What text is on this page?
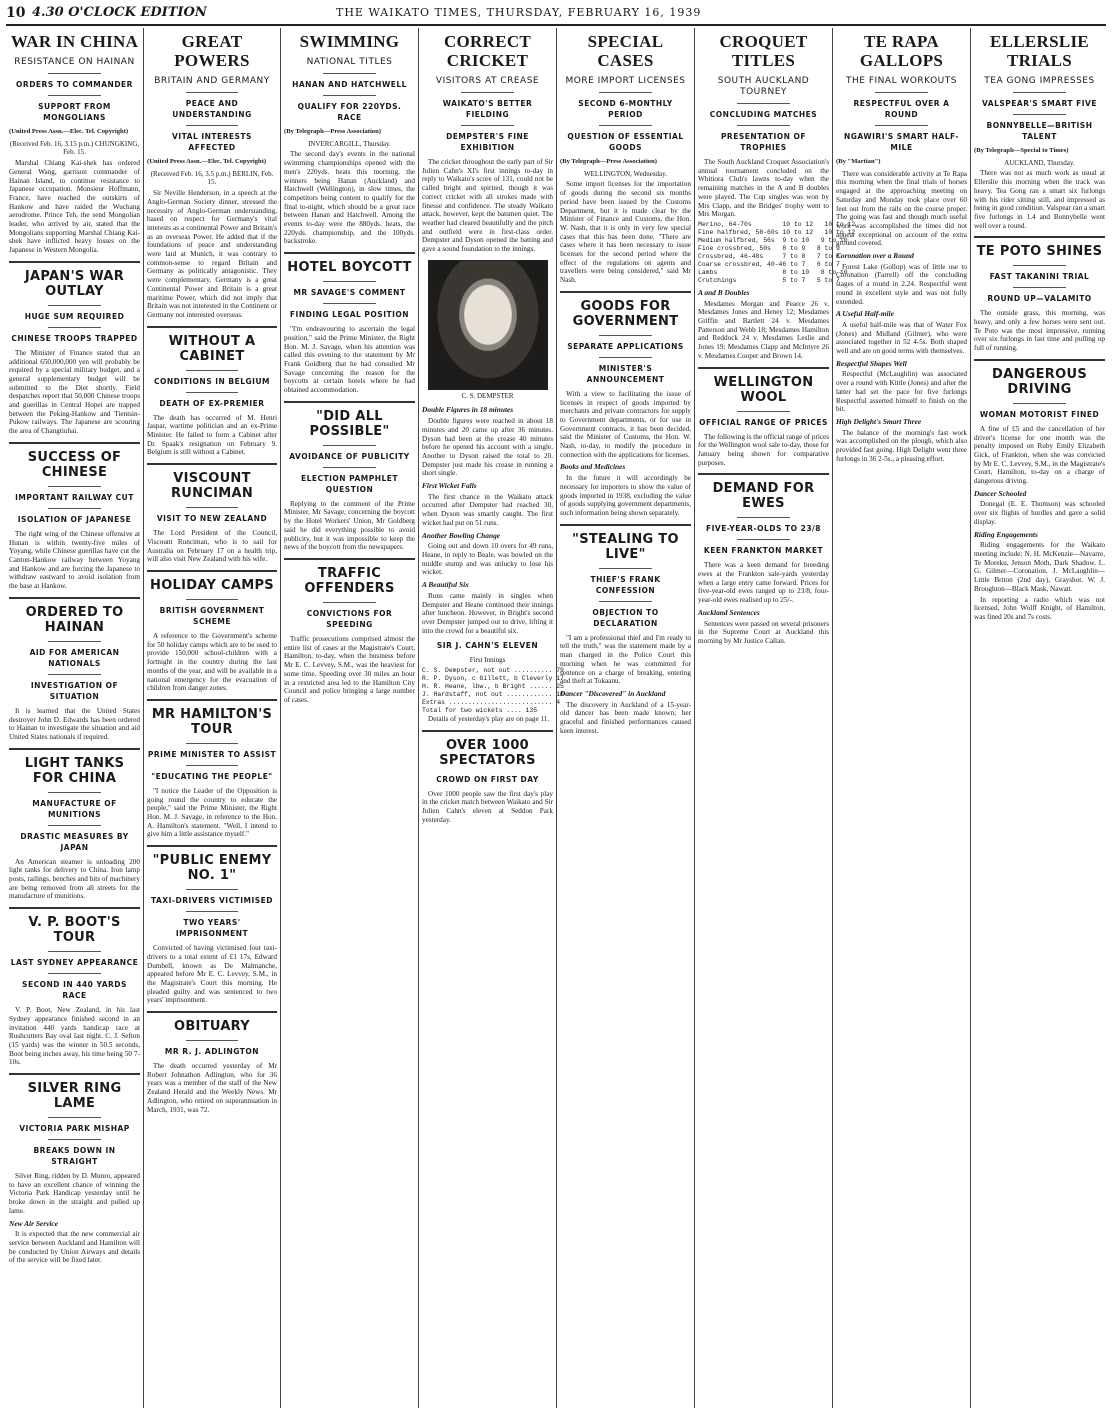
10 4.30 O'CLOCK EDITION	THE WAIKATO TIMES, THURSDAY, FEBRUARY 16, 1939
WAR IN CHINA
RESISTANCE ON HAINAN
ORDERS TO COMMANDER
SUPPORT FROM MONGOLIANS
(United Press Assn.—Elec. Tel. Copyright)
(Received Feb. 16, 3.15 p.m.) CHUNGKING, Feb. 15.

Marshal Chiang Kai-shek has ordered General Wang, garrison commander of Hainan Island, to continue resistance to Japanese occupation. Monsieur Hoffmann, France, have reached the outskirts of Hankow and have raided the Wuchang aerodrome. Prince Teh, the send Mongolian leader, who arrived by air, stated that the Mongolians supporting Marshal Chiang Kai-shek have inflicted heavy losses on the Japanese in Western Mongolia.

JAPAN'S WAR OUTLAY
HUGE SUM REQUIRED
CHINESE TROOPS TRAPPED

The Minister of Finance stated that an additional 650,000,000 yen will probably be required by a special military budget, and a general supplementary budget will be submitted to the Diet shortly. Field despatches report that 50,000 Chinese troops and guerillas in Central Hopei are trapped between the Peking-Hankow and Tientsin-Pukow railways. The Japanese are scouring the area of Changtiuhai.

SUCCESS OF CHINESE
IMPORTANT RAILWAY CUT
ISOLATION OF JAPANESE

The right wing of the Chinese offensive at Hunan is within twenty-five miles of Yoyang, while Chinese guerillas have cut the Canton-Hankow railway between Yoyang and Hankow and are forcing the Japanese to withdraw eastward to avoid isolation from the base at Hankow.

ORDERED TO HAINAN
AID FOR AMERICAN NATIONALS
INVESTIGATION OF SITUATION

It is learned that the United States destroyer John D. Edwards has been ordered to Hainan to investigate the situation and aid United States nationals if required.

LIGHT TANKS FOR CHINA
MANUFACTURE OF MUNITIONS
DRASTIC MEASURES BY JAPAN

An American steamer is unloading 200 light tanks for delivery to China. Iron lamp posts, railings, benches and bits of machinery are being removed from all streets for the manufacture of munitions.

V. P. BOOT'S TOUR
LAST SYDNEY APPEARANCE
SECOND IN 440 YARDS RACE

V. P. Boot, New Zealand, in his last Sydney appearance finished second in an invitation 440 yards handicap race at Rushcutters Bay oval last night. C. J. Sefton (15 yards) was the winner in 50.5 seconds, Boot being inches away, his time being 50 7-10s.

SILVER RING LAME
VICTORIA PARK MISHAP
BREAKS DOWN IN STRAIGHT

Silver Ring, ridden by D. Munro, appeared to have an excellent chance of winning the Victoria Park Handicap yesterday until he broke down in the straight and pulled up lame.

New Air Service

It is expected that the new commercial air service between Auckland and Hamilton will be conducted by Union Airways and details of the service will be fixed later.

GREAT POWERS
BRITAIN AND GERMANY
PEACE AND UNDERSTANDING
VITAL INTERESTS AFFECTED
(United Press Assn.—Elec. Tel. Copyright)
(Received Feb. 16, 3.5 p.m.) BERLIN, Feb. 15.

Sir Neville Henderson, in a speech at the Anglo-German Society dinner, stressed the necessity of Anglo-German understanding, based on respect for Germany's vital interests as a continental Power and Britain's as an overseas Power. He added that if the foundations of peace and understanding were laid at Munich, it was contrary to common-sense to regard Britain and Germany as politically antagonistic. They were complementary. Germany is a great Continental Power and Britain is a great maritime Power, which did not imply that Britain was not interested in the Continent or Germany not interested overseas.

WITHOUT A CABINET
CONDITIONS IN BELGIUM
DEATH OF EX-PREMIER

The death has occurred of M. Henri Jaspar, wartime politician and an ex-Prime Minister. He failed to form a Cabinet after Dr. Spaak's resignation on February 9. Belgium is still without a Cabinet.

VISCOUNT RUNCIMAN
VISIT TO NEW ZEALAND

The Lord President of the Council, Viscount Runciman, who is to sail for Australia on February 17 on a health trip, will also visit New Zealand with his wife.

HOLIDAY CAMPS
BRITISH GOVERNMENT SCHEME

A reference to the Government's scheme for 50 holiday camps which are to be used to provide 150,000 school-children with a fortnight in the country during the last months of the year, and will be available in a national emergency for the evacuation of children from danger zones.

MR HAMILTON'S TOUR
PRIME MINISTER TO ASSIST
"EDUCATING THE PEOPLE"

"I notice the Leader of the Opposition is going round the country to educate the people," said the Prime Minister, the Right Hon. M. J. Savage, in reference to the Hon. A. Hamilton's statement. "Well, I intend to give him a little assistance myself."

"PUBLIC ENEMY NO. 1"
TAXI-DRIVERS VICTIMISED
TWO YEARS' IMPRISONMENT

Convicted of having victimised four taxi-drivers to a total extent of £1 17s, Edward Dumbell, known as De Malmanche, appeared before Mr E. C. Levvey, S.M., in the Magistrate's Court this morning. He pleaded guilty and was sentenced to two years' imprisonment.

OBITUARY
MR R. J. ADLINGTON

The death occurred yesterday of Mr Robert Johnathon Adlington, who for 36 years was a member of the staff of the New Zealand Herald and the Weekly News. Mr Adlington, who retired on superannuation in March, 1931, was 72.

SWIMMING
NATIONAL TITLES
HANAN AND HATCHWELL
QUALIFY FOR 220YDS. RACE
(By Telegraph—Press Association)
INVERCARGILL, Thursday.

The second day's events in the national swimming championships opened with the men's 220yds. heats this morning, the winners being Hanan (Auckland) and Hatchwell (Wellington), in slow times, the competitors being content to qualify for the final to-night, which should be a great race between Hanan and Hatchwell. Among the events to-day were the 880yds. heats, the 220yds. championship, and the 100yds. backstroke.

HOTEL BOYCOTT
MR SAVAGE'S COMMENT
FINDING LEGAL POSITION

"I'm endeavouring to ascertain the legal position," said the Prime Minister, the Right Hon. M. J. Savage, when his attention was called this evening to the statement by Mr Frank Goldberg that he had consulted Mr Savage concerning the reason for the boycotts at certain hotels where he had obtained accommodation.

"DID ALL POSSIBLE"
AVOIDANCE OF PUBLICITY
ELECTION PAMPHLET QUESTION

Replying to the comment of the Prime Minister, Mr Savage, concerning the boycott by the Hotel Workers' Union, Mr Goldberg said he did everything possible to avoid publicity, but it was impossible to keep the news of the boycott from the newspapers.

TRAFFIC OFFENDERS
CONVICTIONS FOR SPEEDING

Traffic prosecutions comprised almost the entire list of cases at the Magistrate's Court, Hamilton, to-day, when the business before Mr E. C. Levvey, S.M., was the heaviest for some time. Speeding over 30 miles an hour in a restricted area led to the Hamilton City Council and police bringing a large number of cases.

CORRECT CRICKET
VISITORS AT CREASE
WAIKATO'S BETTER FIELDING
DEMPSTER'S FINE EXHIBITION

The cricket throughout the early part of Sir Julien Cahn's XI's first innings to-day in reply to Waikato's score of 131, could not be called bright and spirited, though it was correct cricket with all strokes made with finesse and confidence. The steady Waikato attack, however, kept the batsmen quiet. The weather had cleared beautifully and the pitch and outfield were in first-class order. Dempster and Dyson opened the batting and gave a sound foundation to the innings.

C. S. DEMPSTER

Double Figures in 18 minutes

Double figures were reached in about 18 minutes and 20 came up after 36 minutes. Dyson had been at the crease 40 minutes before he opened his account with a single. Another to Dyson raised the total to 20. Dempster just made his crease in running a short single.

First Wicket Falls

The first chance in the Waikato attack occurred after Dempster had reached 30, when Dyson was smartly caught. The first wicket had put on 51 runs.

Another Bowling Change

Going out and down 10 overs for 49 runs, Heane, in reply to Beale, was bowled on the middle stump and was unlucky to lose his wicket.

A Beautiful Six

Runs came mainly in singles when Dempster and Heane continued their innings after luncheon. However, in Bright's second over Dempster jumped out to drive, lifting it into the crowd for a beautiful six.

SIR J. CAHN'S ELEVEN
First Innings
C. S. Dempster, not out .......... 79
R. P. Dyson, c Gillett, b Cleverly 17
H. R. Heane, lbw., b Bright ...... 25
J. Hardstaff, not out ............ 10
Extras ........................... 4
Total for two wickets .... 135

Details of yesterday's play are on page 11.

OVER 1000 SPECTATORS
CROWD ON FIRST DAY

Over 1000 people saw the first day's play in the cricket match between Waikato and Sir Julien Cahn's eleven at Seddon Park yesterday.

SPECIAL CASES
MORE IMPORT LICENSES
SECOND 6-MONTHLY PERIOD
QUESTION OF ESSENTIAL GOODS
(By Telegraph—Press Association)
WELLINGTON, Wednesday.

Some import licenses for the importation of goods during the second six months period have been issued by the Customs Department, but it is made clear by the Minister of Finance and Customs, the Hon. W. Nash, that it is only in very few special cases that this has been done. "There are cases where it has been necessary to issue licenses for the second period where the effect of the regulations on agents and travellers were being considered," said Mr Nash.

GOODS FOR GOVERNMENT
SEPARATE APPLICATIONS
MINISTER'S ANNOUNCEMENT

With a view to facilitating the issue of licenses in respect of goods imported by merchants and private contractors for supply to Government departments, or for use in Government contracts, it has been decided, said the Minister of Customs, the Hon. W. Nash, to-day, to modify the procedure in connection with the applications for licenses.

Books and Medicines

In the future it will accordingly be necessary for importers to show the value of goods imported in 1938, excluding the value of goods supplying government departments, such information being shown separately.

"STEALING TO LIVE"
THIEF'S FRANK CONFESSION
OBJECTION TO DECLARATION

"I am a professional thief and I'm ready to tell the truth," was the statement made by a man charged in the Police Court this morning when he was committed for sentence on a charge of breaking, entering and theft at Tokaanu.

Dancer "Discovered" in Auckland

The discovery in Auckland of a 15-year-old dancer has been made known; her graceful and finished performances caused keen interest.

CROQUET TITLES
SOUTH AUCKLAND TOURNEY
CONCLUDING MATCHES
PRESENTATION OF TROPHIES

The South Auckland Croquet Association's annual tournament concluded on the Whitiora Club's lawns to-day when the remaining matches in the A and B doubles were played. The Cup singles was won by Mrs Clapp, and the Bridges' trophy went to Mrs Morgan.

Merino, 64-70s        10 to 12   10 to 12
Fine halfbred, 58-60s 10 to 12   10 to 12
Medium halfbred, 56s  9 to 10   9 to 10
Fine crossbred, 50s   8 to 9   8 to 9
Crossbred, 46-48s     7 to 8   7 to 8
Coarse crossbred, 40-46 to 7   6 to 7
Lambs                 8 to 10   8 to 10
Crutchings            5 to 7   5 to 7

A and B Doubles

Mesdames Morgan and Pearce 26 v. Mesdames Jones and Heney 12; Mesdames Griffin and Bartlett 24 v. Mesdames Patterson and Webb 18; Mesdames Hamilton and Reddock 24 v. Mesdames Leslie and Jones 19; Mesdames Clapp and McIntyre 26 v. Mesdames Cooper and Brown 14.

WELLINGTON WOOL
OFFICIAL RANGE OF PRICES

The following is the official range of prices for the Wellington wool sale to-day, those for January being shown for comparative purposes.

DEMAND FOR EWES
FIVE-YEAR-OLDS TO 23/8
KEEN FRANKTON MARKET

There was a keen demand for breeding ewes at the Frankton sale-yards yesterday when a large entry came forward. Prices for five-year-old ewes ranged up to 23/8, four-year-old ewes realised up to 25/-.

Auckland Sentences

Sentences were passed on several prisoners in the Supreme Court at Auckland this morning by Mr Justice Callan.

TE RAPA GALLOPS
THE FINAL WORKOUTS
RESPECTFUL OVER A ROUND
NGAWIRI'S SMART HALF-MILE
(By "Martian")

There was considerable activity at Te Rapa this morning when the final trials of horses engaged at the approaching meeting on Saturday and Monday took place over 60 feet out from the rails on the course proper. The going was fast and though much useful work was accomplished the times did not appear exceptional on account of the extra ground covered.

Coronation over a Round

Forest Lake (Gollop) was of little use to Coronation (Farrell) off the concluding stages of a round in 2.24. Respectful went round in excellent style and was not fully extended.

A Useful Half-mile

A useful half-mile was that of Water Fox (Jones) and Midland (Gilmer), who were associated together in 52 4-5s. Both shaped well and are on good terms with themselves.

Respectful Shapes Well

Respectful (McLaughlin) was associated over a round with Kittle (Jones) and after the latter had set the pace for five furlongs Respectful asserted himself to finish on the bit.

High Delight's Smart Three

The balance of the morning's fast work was accomplished on the plough, which also provided fast going. High Delight went three furlongs in 36 2-5s., a pleasing effort.

ELLERSLIE TRIALS
TEA GONG IMPRESSES
VALSPEAR'S SMART FIVE
BONNYBELLE—BRITISH TALENT
(By Telegraph—Special to Times)
AUCKLAND, Thursday.

There was not as much work as usual at Ellerslie this morning when the track was heavy. Tea Gong ran a smart six furlongs with his rider sitting still, and impressed as being in good condition. Valspear ran a smart five furlongs in 1.4 and Bonnybelle went well over a round.

TE POTO SHINES
FAST TAKANINI TRIAL
ROUND UP—VALAMITO

The outside grass, this morning, was heavy, and only a few horses were sent out. Te Poto was the most impressive, running over six furlongs in fast time and pulling up full of running.

DANGEROUS DRIVING
WOMAN MOTORIST FINED

A fine of £5 and the cancellation of her driver's license for one month was the penalty imposed on Ruby Emily Elizabeth Gick, of Frankton, when she was convicted by Mr E. C. Levvey, S.M., in the Magistrate's Court, Hamilton, to-day on a charge of dangerous driving.

Dancer Schooled

Donegal (E. E. Thomson) was schooled over six flights of hurdles and gave a solid display.

Riding Engagements

Riding engagements for the Waikato meeting include: N. H. McKenzie—Navarre, Te Moreku, Jenson Moth, Dark Shadow. L. G. Gilmer—Coronation. J. McLaughlin—Little Briton (2nd day), Grayshot. W. J. Broughton—Black Mask, Nawatt.

In reporting a radio which was not licensed, John Wolff Knight, of Hamilton, was fined 20s and 7s costs.
